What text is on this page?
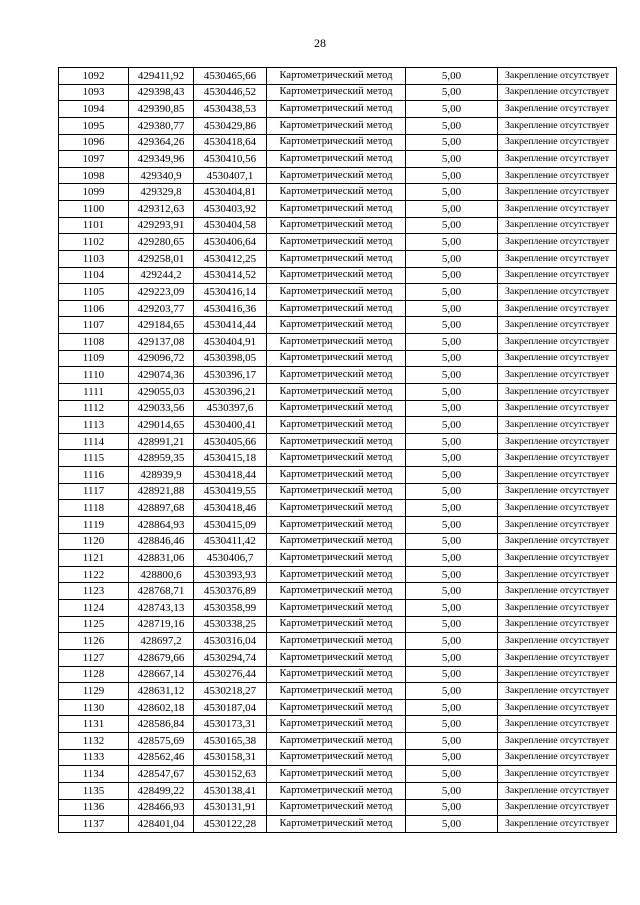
28
1092	429411,92	4530465,66	Картометрический метод	5,00	Закрепление отсутствует
1093	429398,43	4530446,52	Картометрический метод	5,00	Закрепление отсутствует
1094	429390,85	4530438,53	Картометрический метод	5,00	Закрепление отсутствует
1095	429380,77	4530429,86	Картометрический метод	5,00	Закрепление отсутствует
1096	429364,26	4530418,64	Картометрический метод	5,00	Закрепление отсутствует
1097	429349,96	4530410,56	Картометрический метод	5,00	Закрепление отсутствует
1098	429340,9	4530407,1	Картометрический метод	5,00	Закрепление отсутствует
1099	429329,8	4530404,81	Картометрический метод	5,00	Закрепление отсутствует
1100	429312,63	4530403,92	Картометрический метод	5,00	Закрепление отсутствует
1101	429293,91	4530404,58	Картометрический метод	5,00	Закрепление отсутствует
1102	429280,65	4530406,64	Картометрический метод	5,00	Закрепление отсутствует
1103	429258,01	4530412,25	Картометрический метод	5,00	Закрепление отсутствует
1104	429244,2	4530414,52	Картометрический метод	5,00	Закрепление отсутствует
1105	429223,09	4530416,14	Картометрический метод	5,00	Закрепление отсутствует
1106	429203,77	4530416,36	Картометрический метод	5,00	Закрепление отсутствует
1107	429184,65	4530414,44	Картометрический метод	5,00	Закрепление отсутствует
1108	429137,08	4530404,91	Картометрический метод	5,00	Закрепление отсутствует
1109	429096,72	4530398,05	Картометрический метод	5,00	Закрепление отсутствует
1110	429074,36	4530396,17	Картометрический метод	5,00	Закрепление отсутствует
1111	429055,03	4530396,21	Картометрический метод	5,00	Закрепление отсутствует
1112	429033,56	4530397,6	Картометрический метод	5,00	Закрепление отсутствует
1113	429014,65	4530400,41	Картометрический метод	5,00	Закрепление отсутствует
1114	428991,21	4530405,66	Картометрический метод	5,00	Закрепление отсутствует
1115	428959,35	4530415,18	Картометрический метод	5,00	Закрепление отсутствует
1116	428939,9	4530418,44	Картометрический метод	5,00	Закрепление отсутствует
1117	428921,88	4530419,55	Картометрический метод	5,00	Закрепление отсутствует
1118	428897,68	4530418,46	Картометрический метод	5,00	Закрепление отсутствует
1119	428864,93	4530415,09	Картометрический метод	5,00	Закрепление отсутствует
1120	428846,46	4530411,42	Картометрический метод	5,00	Закрепление отсутствует
1121	428831,06	4530406,7	Картометрический метод	5,00	Закрепление отсутствует
1122	428800,6	4530393,93	Картометрический метод	5,00	Закрепление отсутствует
1123	428768,71	4530376,89	Картометрический метод	5,00	Закрепление отсутствует
1124	428743,13	4530358,99	Картометрический метод	5,00	Закрепление отсутствует
1125	428719,16	4530338,25	Картометрический метод	5,00	Закрепление отсутствует
1126	428697,2	4530316,04	Картометрический метод	5,00	Закрепление отсутствует
1127	428679,66	4530294,74	Картометрический метод	5,00	Закрепление отсутствует
1128	428667,14	4530276,44	Картометрический метод	5,00	Закрепление отсутствует
1129	428631,12	4530218,27	Картометрический метод	5,00	Закрепление отсутствует
1130	428602,18	4530187,04	Картометрический метод	5,00	Закрепление отсутствует
1131	428586,84	4530173,31	Картометрический метод	5,00	Закрепление отсутствует
1132	428575,69	4530165,38	Картометрический метод	5,00	Закрепление отсутствует
1133	428562,46	4530158,31	Картометрический метод	5,00	Закрепление отсутствует
1134	428547,67	4530152,63	Картометрический метод	5,00	Закрепление отсутствует
1135	428499,22	4530138,41	Картометрический метод	5,00	Закрепление отсутствует
1136	428466,93	4530131,91	Картометрический метод	5,00	Закрепление отсутствует
1137	428401,04	4530122,28	Картометрический метод	5,00	Закрепление отсутствует
